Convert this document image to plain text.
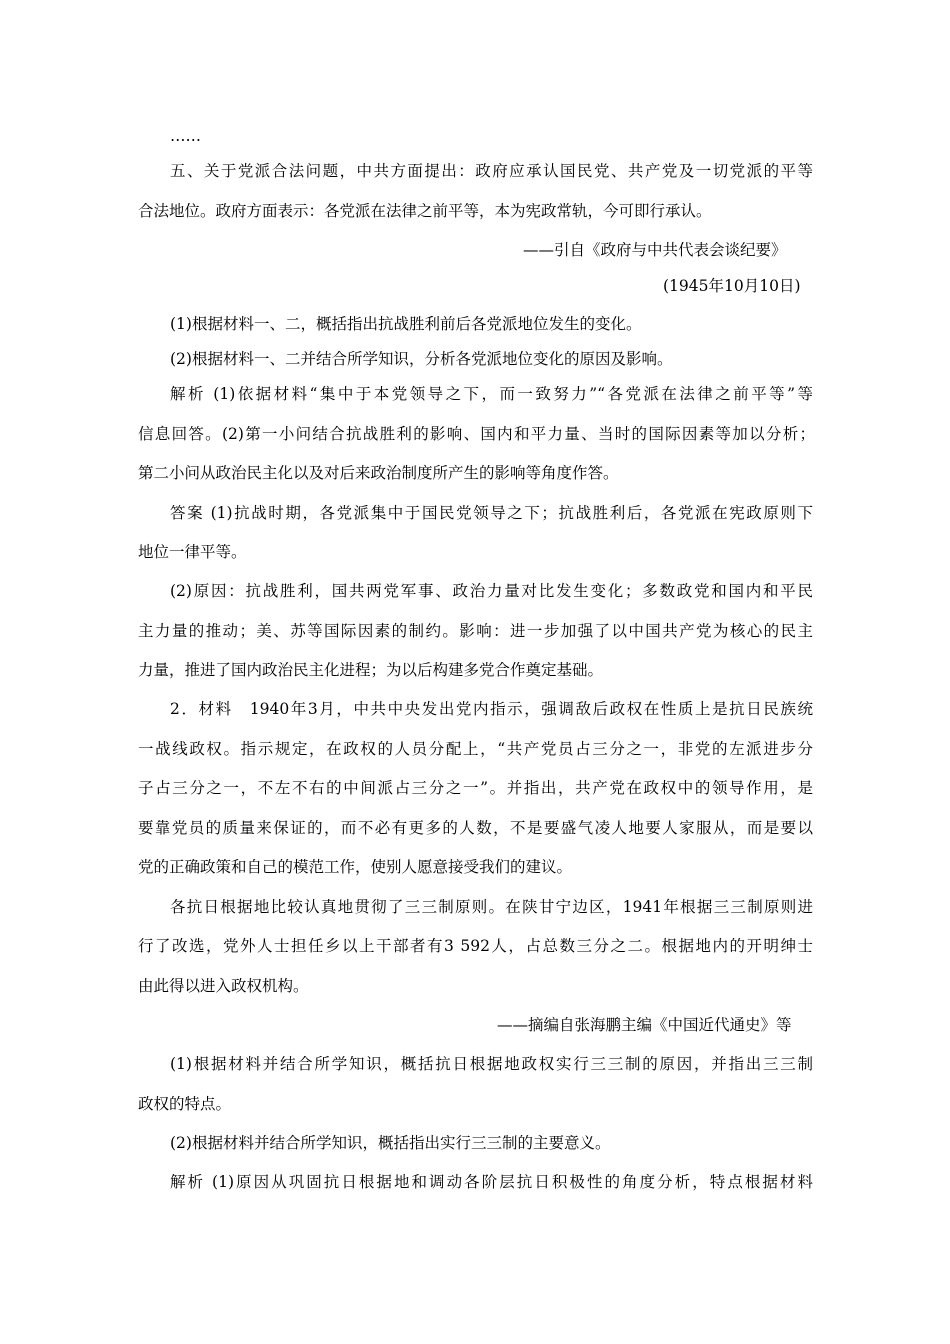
……
五、关于党派合法问题，中共方面提出：政府应承认国民党、共产党及一切党派的平等
合法地位。政府方面表示：各党派在法律之前平等，本为宪政常轨，今可即行承认。
——引自《政府与中共代表会谈纪要》
(1945年10月10日)
(1)根据材料一、二，概括指出抗战胜利前后各党派地位发生的变化。
(2)根据材料一、二并结合所学知识，分析各党派地位变化的原因及影响。
解析 (1)依据材料“集中于本党领导之下，而一致努力”“各党派在法律之前平等”等
信息回答。(2)第一小问结合抗战胜利的影响、国内和平力量、当时的国际因素等加以分析；
第二小问从政治民主化以及对后来政治制度所产生的影响等角度作答。
答案 (1)抗战时期，各党派集中于国民党领导之下；抗战胜利后，各党派在宪政原则下
地位一律平等。
(2)原因：抗战胜利，国共两党军事、政治力量对比发生变化；多数政党和国内和平民
主力量的推动；美、苏等国际因素的制约。影响：进一步加强了以中国共产党为核心的民主
力量，推进了国内政治民主化进程；为以后构建多党合作奠定基础。
2．材料　1940年3月，中共中央发出党内指示，强调敌后政权在性质上是抗日民族统
一战线政权。指示规定，在政权的人员分配上，“共产党员占三分之一，非党的左派进步分
子占三分之一，不左不右的中间派占三分之一”。并指出，共产党在政权中的领导作用，是
要靠党员的质量来保证的，而不必有更多的人数，不是要盛气凌人地要人家服从，而是要以
党的正确政策和自己的模范工作，使别人愿意接受我们的建议。
各抗日根据地比较认真地贯彻了三三制原则。在陕甘宁边区，1941年根据三三制原则进
行了改选，党外人士担任乡以上干部者有3 592人，占总数三分之二。根据地内的开明绅士
由此得以进入政权机构。
——摘编自张海鹏主编《中国近代通史》等
(1)根据材料并结合所学知识，概括抗日根据地政权实行三三制的原因，并指出三三制
政权的特点。
(2)根据材料并结合所学知识，概括指出实行三三制的主要意义。
解析 (1)原因从巩固抗日根据地和调动各阶层抗日积极性的角度分析，特点根据材料
